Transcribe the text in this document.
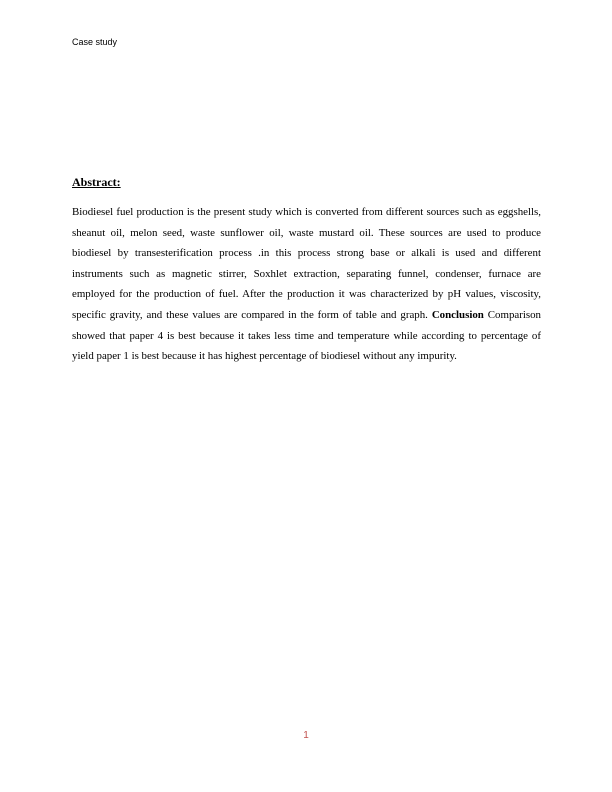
Case study
Abstract:

Biodiesel fuel production is the present study which is converted from different sources such as eggshells, sheanut oil, melon seed, waste sunflower oil, waste mustard oil. These sources are used to produce biodiesel by transesterification process .in this process strong base or alkali is used and different instruments such as magnetic stirrer, Soxhlet extraction, separating funnel, condenser, furnace are employed for the production of fuel. After the production it was characterized by pH values, viscosity, specific gravity, and these values are compared in the form of table and graph. Conclusion Comparison showed that paper 4 is best because it takes less time and temperature while according to percentage of yield paper 1 is best because it has highest percentage of biodiesel without any impurity.

1
